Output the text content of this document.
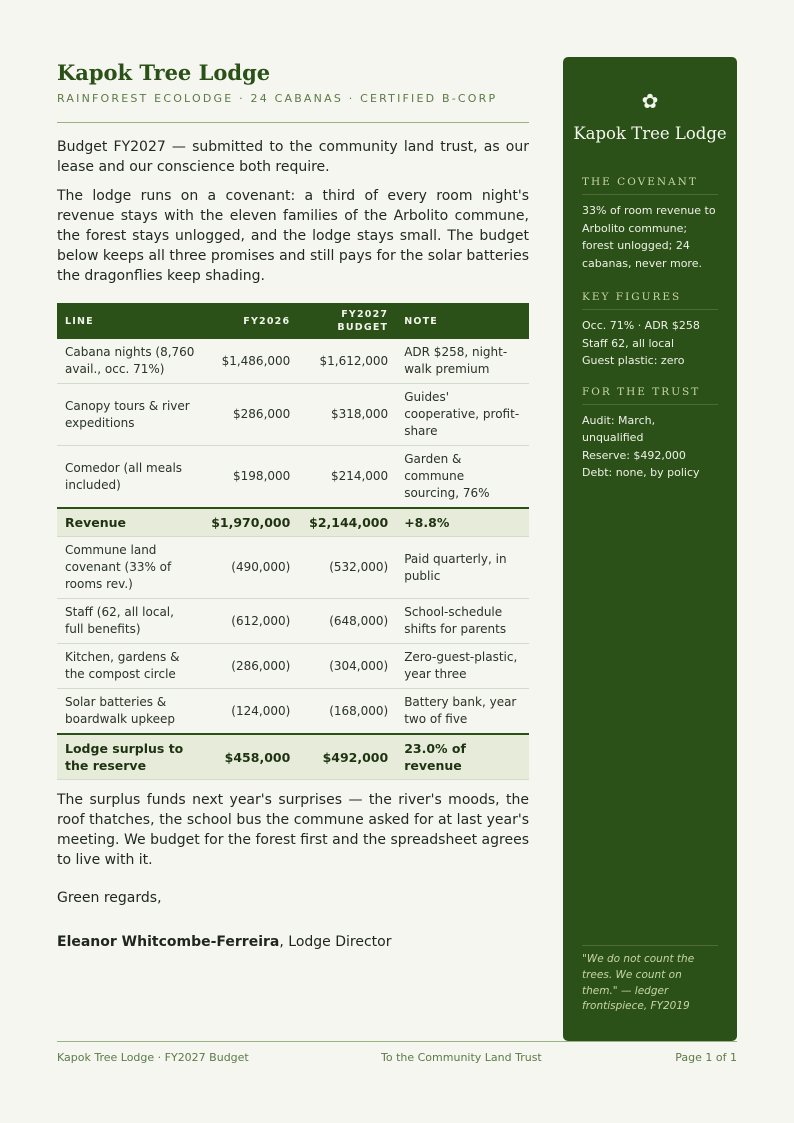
Kapok Tree Lodge
RAINFOREST ECOLODGE · 24 CABANAS · CERTIFIED B-CORP

Budget FY2027 — submitted to the community land trust, as our lease and our conscience both require.

The lodge runs on a covenant: a third of every room night's revenue stays with the eleven families of the Arbolito commune, the forest stays unlogged, and the lodge stays small. The budget below keeps all three promises and still pays for the solar batteries the dragonflies keep shading.

LINE	FY2026	FY2027 BUDGET	NOTE
Cabana nights (8,760 avail., occ. 71%)	$1,486,000	$1,612,000	ADR $258, night-walk premium
Canopy tours & river expeditions	$286,000	$318,000	Guides' cooperative, profit-share
Comedor (all meals included)	$198,000	$214,000	Garden & commune sourcing, 76%
Revenue	$1,970,000	$2,144,000	+8.8%
Commune land covenant (33% of rooms rev.)	(490,000)	(532,000)	Paid quarterly, in public
Staff (62, all local, full benefits)	(612,000)	(648,000)	School-schedule shifts for parents
Kitchen, gardens & the compost circle	(286,000)	(304,000)	Zero-guest-plastic, year three
Solar batteries & boardwalk upkeep	(124,000)	(168,000)	Battery bank, year two of five
Lodge surplus to the reserve	$458,000	$492,000	23.0% of revenue

The surplus funds next year's surprises — the river's moods, the roof thatches, the school bus the commune asked for at last year's meeting. We budget for the forest first and the spreadsheet agrees to live with it.

Green regards,
Eleanor Whitcombe-Ferreira, Lodge Director
✿
Kapok Tree Lodge
THE COVENANT
33% of room revenue to Arbolito commune; forest unlogged; 24 cabanas, never more.
KEY FIGURES
Occ. 71% · ADR $258
Staff 62, all local
Guest plastic: zero
FOR THE TRUST
Audit: March, unqualified
Reserve: $492,000
Debt: none, by policy
"We do not count the trees. We count on them." — ledger frontispiece, FY2019
Kapok Tree Lodge · FY2027 Budget	To the Community Land Trust	Page 1 of 1
